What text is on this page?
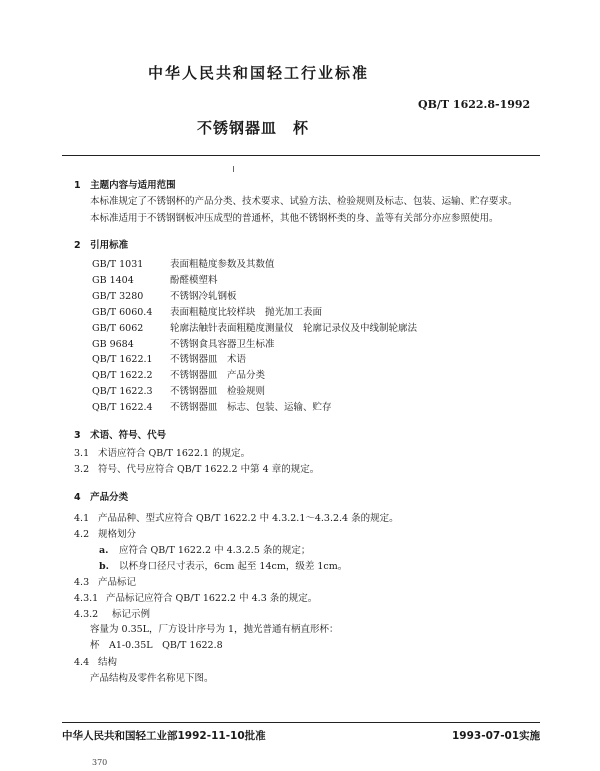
中华人民共和国轻工行业标准
QB/T 1622.8-1992
不锈钢器皿　杯
1　主题内容与适用范围
本标准规定了不锈钢杯的产品分类、技术要求、试验方法、检验规则及标志、包装、运输、贮存要求。
本标准适用于不锈钢钢板冲压成型的普通杯，其他不锈钢杯类的身、盖等有关部分亦应参照使用。
2　引用标准
GB/T 1031	表面粗糙度参数及其数值
GB 1404	酚醛模塑料
GB/T 3280	不锈钢冷轧钢板
GB/T 6060.4 表面粗糙度比较样块　抛光加工表面
GB/T 6062	轮廓法触针表面粗糙度测量仪　轮廓记录仪及中线制轮廓法
GB 9684	不锈钢食具容器卫生标准
QB/T 1622.1 不锈钢器皿　术语
QB/T 1622.2 不锈钢器皿　产品分类
QB/T 1622.3 不锈钢器皿　检验规则
QB/T 1622.4 不锈钢器皿　标志、包装、运输、贮存
3　术语、符号、代号
3.1 术语应符合 QB/T 1622.1 的规定。
3.2 符号、代号应符合 QB/T 1622.2 中第 4 章的规定。
4　产品分类
4.1 产品品种、型式应符合 QB/T 1622.2 中 4.3.2.1～4.3.2.4 条的规定。
4.2 规格划分
a. 应符合 QB/T 1622.2 中 4.3.2.5 条的规定；
b. 以杯身口径尺寸表示，6cm 起至 14cm，级差 1cm。
4.3 产品标记
4.3.1 产品标记应符合 QB/T 1622.2 中 4.3 条的规定。
4.3.2 标记示例
容量为 0.35L，厂方设计序号为 1，抛光普通有柄直形杯：
杯　A1-0.35L　QB/T 1622.8
4.4 结构
产品结构及零件名称见下图。
中华人民共和国轻工业部1992-11-10批准	1993-07-01实施
370
